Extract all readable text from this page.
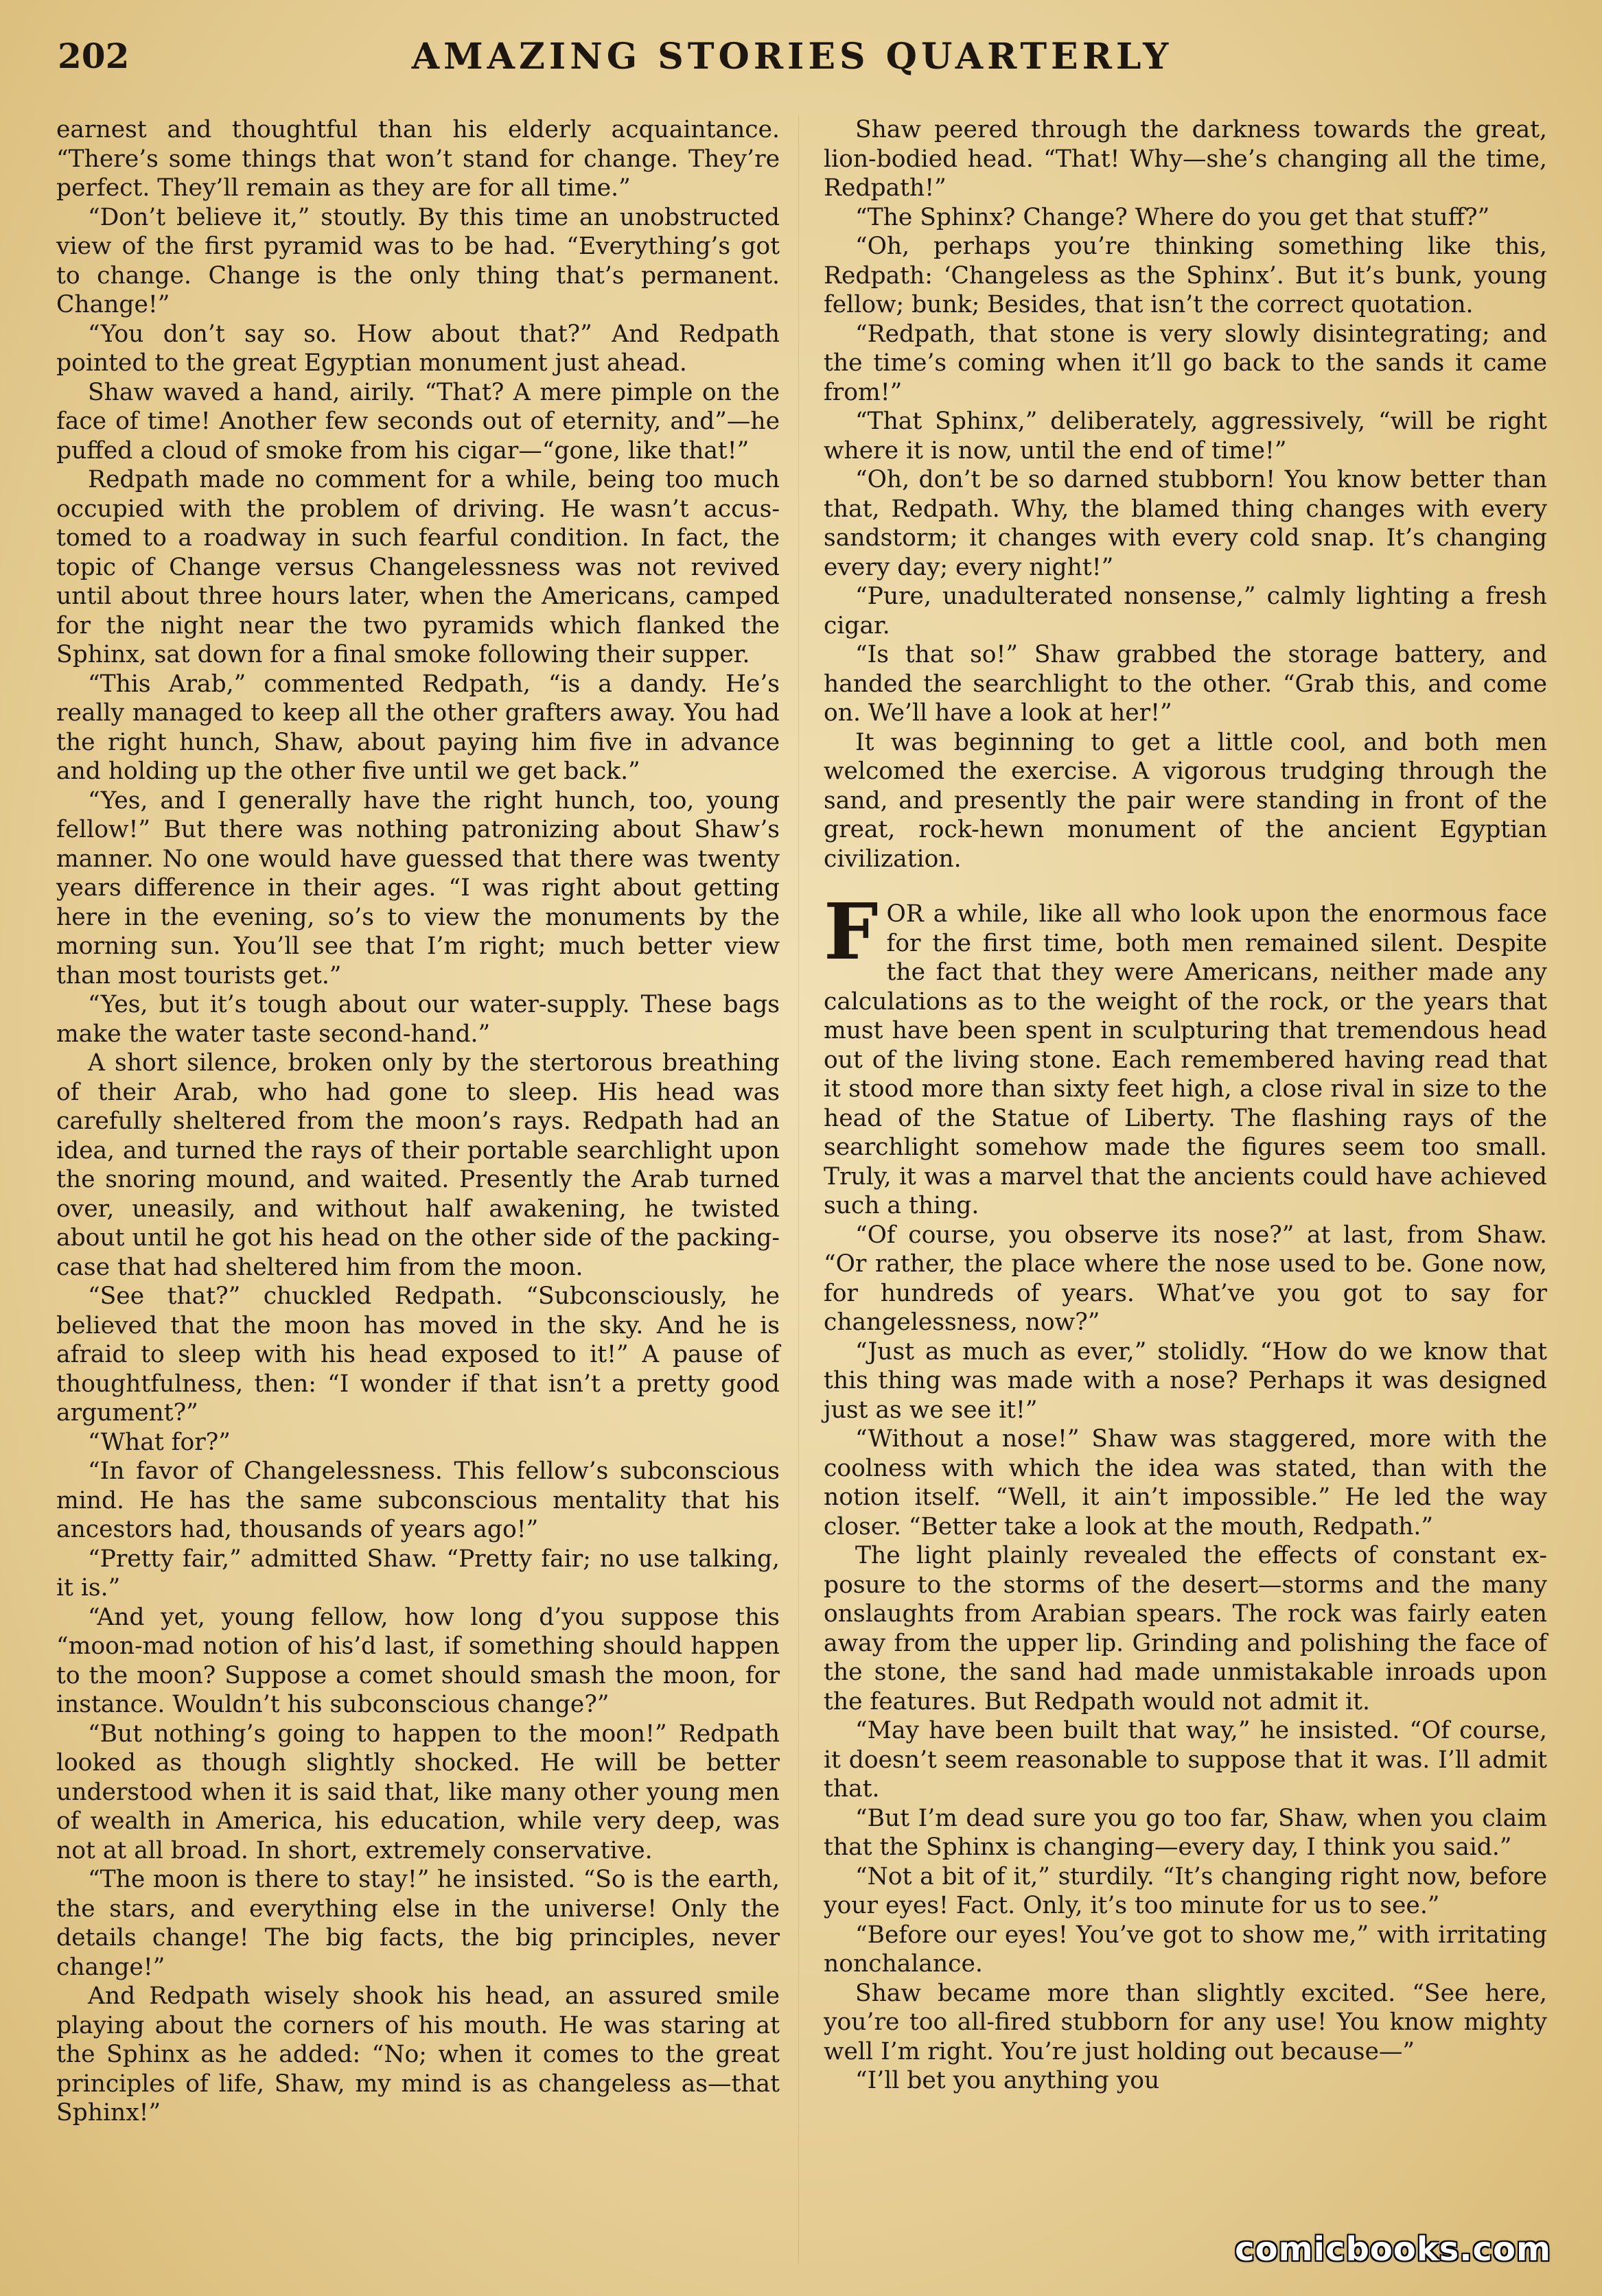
202	AMAZING STORIES QUARTERLY

earnest and thoughtful than his elderly acquaintance. “There’s some things that won’t stand for change. They’re perfect. They’ll remain as they are for all time.”

“Don’t believe it,” stoutly. By this time an unobstructed view of the first pyramid was to be had. “Everything’s got to change. Change is the only thing that’s permanent. Change!”

“You don’t say so. How about that?” And Redpath pointed to the great Egyptian monument just ahead.

Shaw waved a hand, airily. “That? A mere pimple on the face of time! Another few seconds out of eternity, and”—he puffed a cloud of smoke from his cigar—“gone, like that!”

Redpath made no comment for a while, being too much occupied with the problem of driving. He wasn’t accustomed to a roadway in such fearful condition. In fact, the topic of Change versus Changelessness was not revived until about three hours later, when the Americans, camped for the night near the two pyramids which flanked the Sphinx, sat down for a final smoke following their supper.

“This Arab,” commented Redpath, “is a dandy. He’s really managed to keep all the other grafters away. You had the right hunch, Shaw, about paying him five in advance and holding up the other five until we get back.”

“Yes, and I generally have the right hunch, too, young fellow!” But there was nothing patronizing about Shaw’s manner. No one would have guessed that there was twenty years difference in their ages. “I was right about getting here in the evening, so’s to view the monuments by the morning sun. You’ll see that I’m right; much better view than most tourists get.”

“Yes, but it’s tough about our water-supply. These bags make the water taste second-hand.”

A short silence, broken only by the stertorous breathing of their Arab, who had gone to sleep. His head was carefully sheltered from the moon’s rays. Redpath had an idea, and turned the rays of their portable searchlight upon the snoring mound, and waited. Presently the Arab turned over, uneasily, and without half awakening, he twisted about until he got his head on the other side of the packing-case that had sheltered him from the moon.

“See that?” chuckled Redpath. “Subconsciously, he believed that the moon has moved in the sky. And he is afraid to sleep with his head exposed to it!” A pause of thoughtfulness, then: “I wonder if that isn’t a pretty good argument?”

“What for?”

“In favor of Changelessness. This fellow’s subconscious mind. He has the same subconscious mentality that his ancestors had, thousands of years ago!”

“Pretty fair,” admitted Shaw. “Pretty fair; no use talking, it is.”

“And yet, young fellow, how long d’you suppose this “moon-mad notion of his’d last, if something should happen to the moon? Suppose a comet should smash the moon, for instance. Wouldn’t his subconscious change?”

“But nothing’s going to happen to the moon!” Redpath looked as though slightly shocked. He will be better understood when it is said that, like many other young men of wealth in America, his education, while very deep, was not at all broad. In short, extremely conservative.

“The moon is there to stay!” he insisted. “So is the earth, the stars, and everything else in the universe! Only the details change! The big facts, the big principles, never change!”

And Redpath wisely shook his head, an assured smile playing about the corners of his mouth. He was staring at the Sphinx as he added: “No; when it comes to the great principles of life, Shaw, my mind is as changeless as—that Sphinx!”

Shaw peered through the darkness towards the great, lion-bodied head. “That! Why—she’s changing all the time, Redpath!”

“The Sphinx? Change? Where do you get that stuff?”

“Oh, perhaps you’re thinking something like this, Redpath: ‘Changeless as the Sphinx’. But it’s bunk, young fellow; bunk; Besides, that isn’t the correct quotation.

“Redpath, that stone is very slowly disintegrating; and the time’s coming when it’ll go back to the sands it came from!”

“That Sphinx,” deliberately, aggressively, “will be right where it is now, until the end of time!”

“Oh, don’t be so darned stubborn! You know better than that, Redpath. Why, the blamed thing changes with every sandstorm; it changes with every cold snap. It’s changing every day; every night!”

“Pure, unadulterated nonsense,” calmly lighting a fresh cigar.

“Is that so!” Shaw grabbed the storage battery, and handed the searchlight to the other. “Grab this, and come on. We’ll have a look at her!”

It was beginning to get a little cool, and both men welcomed the exercise. A vigorous trudging through the sand, and presently the pair were standing in front of the great, rock-hewn monument of the ancient Egyptian civilization.

FOR a while, like all who look upon the enormous face for the first time, both men remained silent. Despite the fact that they were Americans, neither made any calculations as to the weight of the rock, or the years that must have been spent in sculpturing that tremendous head out of the living stone. Each remembered having read that it stood more than sixty feet high, a close rival in size to the head of the Statue of Liberty. The flashing rays of the searchlight somehow made the figures seem too small. Truly, it was a marvel that the ancients could have achieved such a thing.

“Of course, you observe its nose?” at last, from Shaw. “Or rather, the place where the nose used to be. Gone now, for hundreds of years. What’ve you got to say for changelessness, now?”

“Just as much as ever,” stolidly. “How do we know that this thing was made with a nose? Perhaps it was designed just as we see it!”

“Without a nose!” Shaw was staggered, more with the coolness with which the idea was stated, than with the notion itself. “Well, it ain’t impossible.” He led the way closer. “Better take a look at the mouth, Redpath.”

The light plainly revealed the effects of constant exposure to the storms of the desert—storms and the many onslaughts from Arabian spears. The rock was fairly eaten away from the upper lip. Grinding and polishing the face of the stone, the sand had made unmistakable inroads upon the features. But Redpath would not admit it.

“May have been built that way,” he insisted. “Of course, it doesn’t seem reasonable to suppose that it was. I’ll admit that.

“But I’m dead sure you go too far, Shaw, when you claim that the Sphinx is changing—every day, I think you said.”

“Not a bit of it,” sturdily. “It’s changing right now, before your eyes! Fact. Only, it’s too minute for us to see.”

“Before our eyes! You’ve got to show me,” with irritating nonchalance.

Shaw became more than slightly excited. “See here, you’re too all-fired stubborn for any use! You know mighty well I’m right. You’re just holding out because—”

“I’ll bet you anything you

comicbooks.com
